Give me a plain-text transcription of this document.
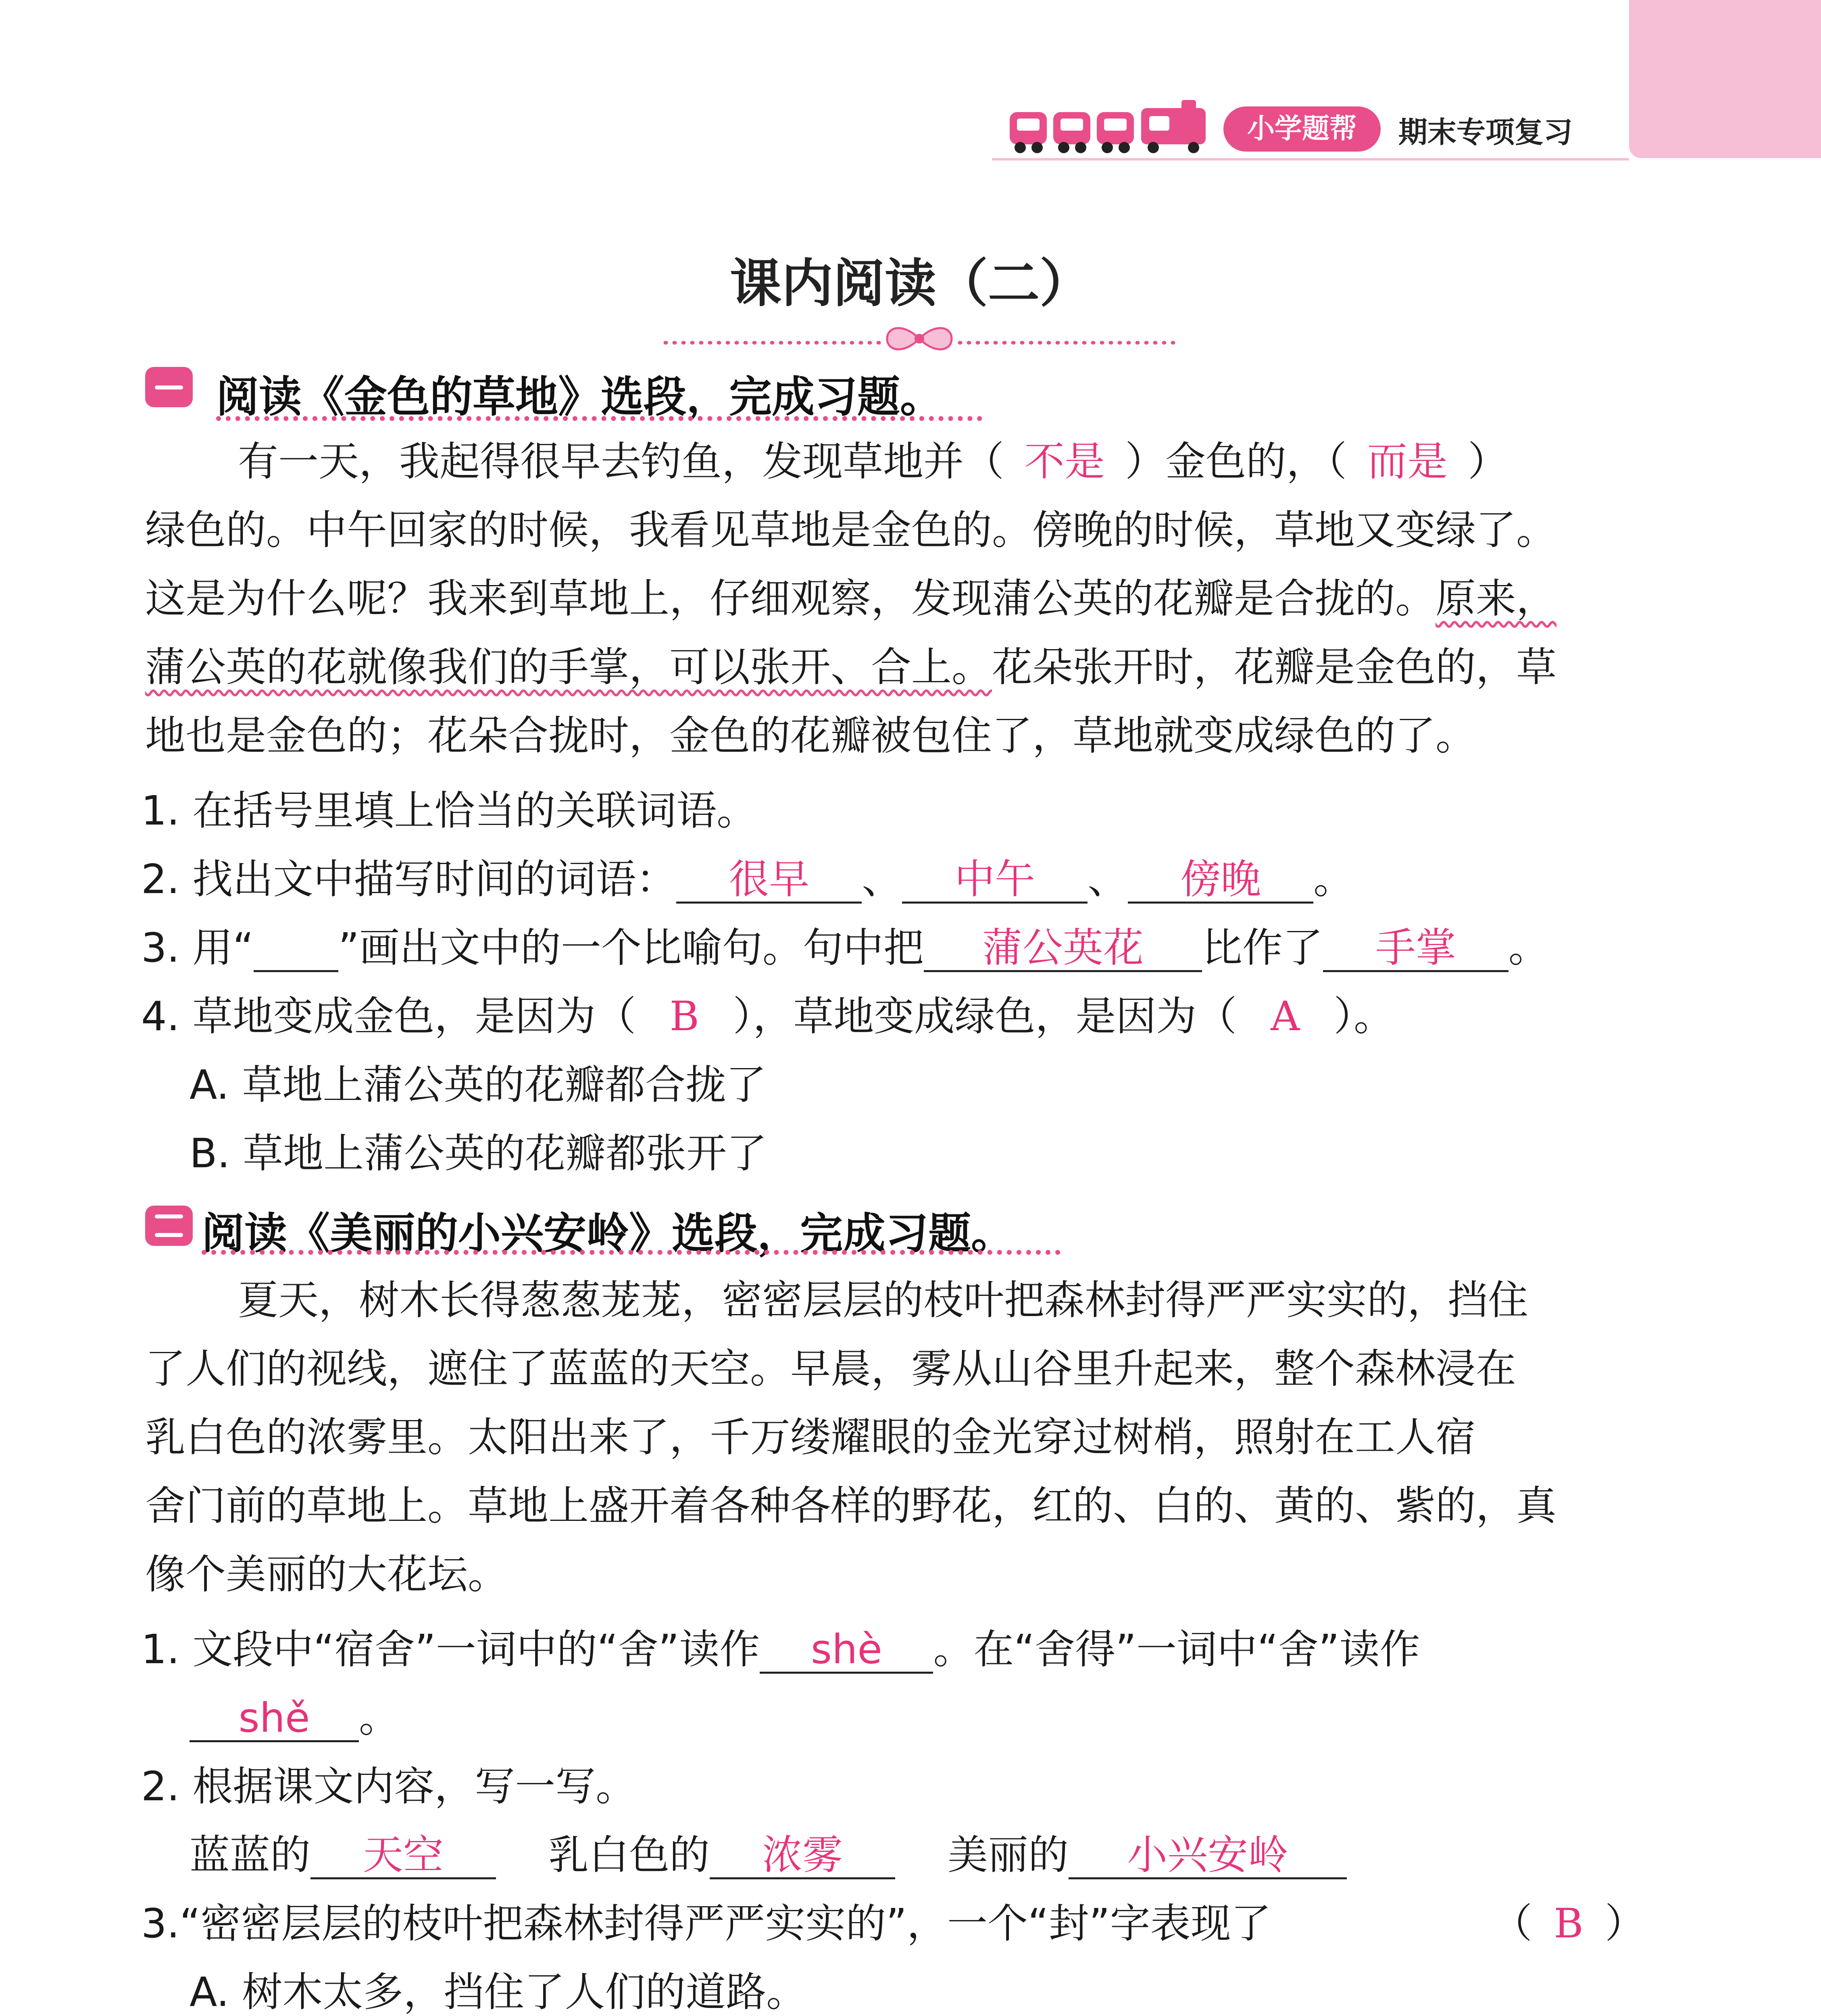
小学题帮	期末专项复习
课内阅读（二）
阅读《金色的草地》选段，完成习题。
有一天，我起得很早去钓鱼，发现草地并（ 不是 ）金色的，（ 而是 ）
绿色的。中午回家的时候，我看见草地是金色的。傍晚的时候，草地又变绿了。
这是为什么呢？我来到草地上，仔细观察，发现蒲公英的花瓣是合拢的。原来，
蒲公英的花就像我们的手掌，可以张开、合上。花朵张开时，花瓣是金色的，草
地也是金色的；花朵合拢时，金色的花瓣被包住了，草地就变成绿色的了。
1. 在括号里填上恰当的关联词语。
2. 找出文中描写时间的词语： 很早 、 中午 、 傍晚 。
3. 用“ ”画出文中的一个比喻句。句中把 蒲公英花 比作了 手掌 。
4. 草地变成金色，是因为（ B ），草地变成绿色，是因为（ A ）。
A. 草地上蒲公英的花瓣都合拢了
B. 草地上蒲公英的花瓣都张开了
阅读《美丽的小兴安岭》选段，完成习题。
夏天，树木长得葱葱茏茏，密密层层的枝叶把森林封得严严实实的，挡住
了人们的视线，遮住了蓝蓝的天空。早晨，雾从山谷里升起来，整个森林浸在
乳白色的浓雾里。太阳出来了，千万缕耀眼的金光穿过树梢，照射在工人宿
舍门前的草地上。草地上盛开着各种各样的野花，红的、白的、黄的、紫的，真
像个美丽的大花坛。
1. 文段中“宿舍”一词中的“舍”读作 shè 。在“舍得”一词中“舍”读作
shě 。
2. 根据课文内容，写一写。
蓝蓝的 天空	乳白色的 浓雾	美丽的 小兴安岭
3.“密密层层的枝叶把森林封得严严实实的”，一个“封”字表现了	（ B ）
A. 树木太多，挡住了人们的道路。
